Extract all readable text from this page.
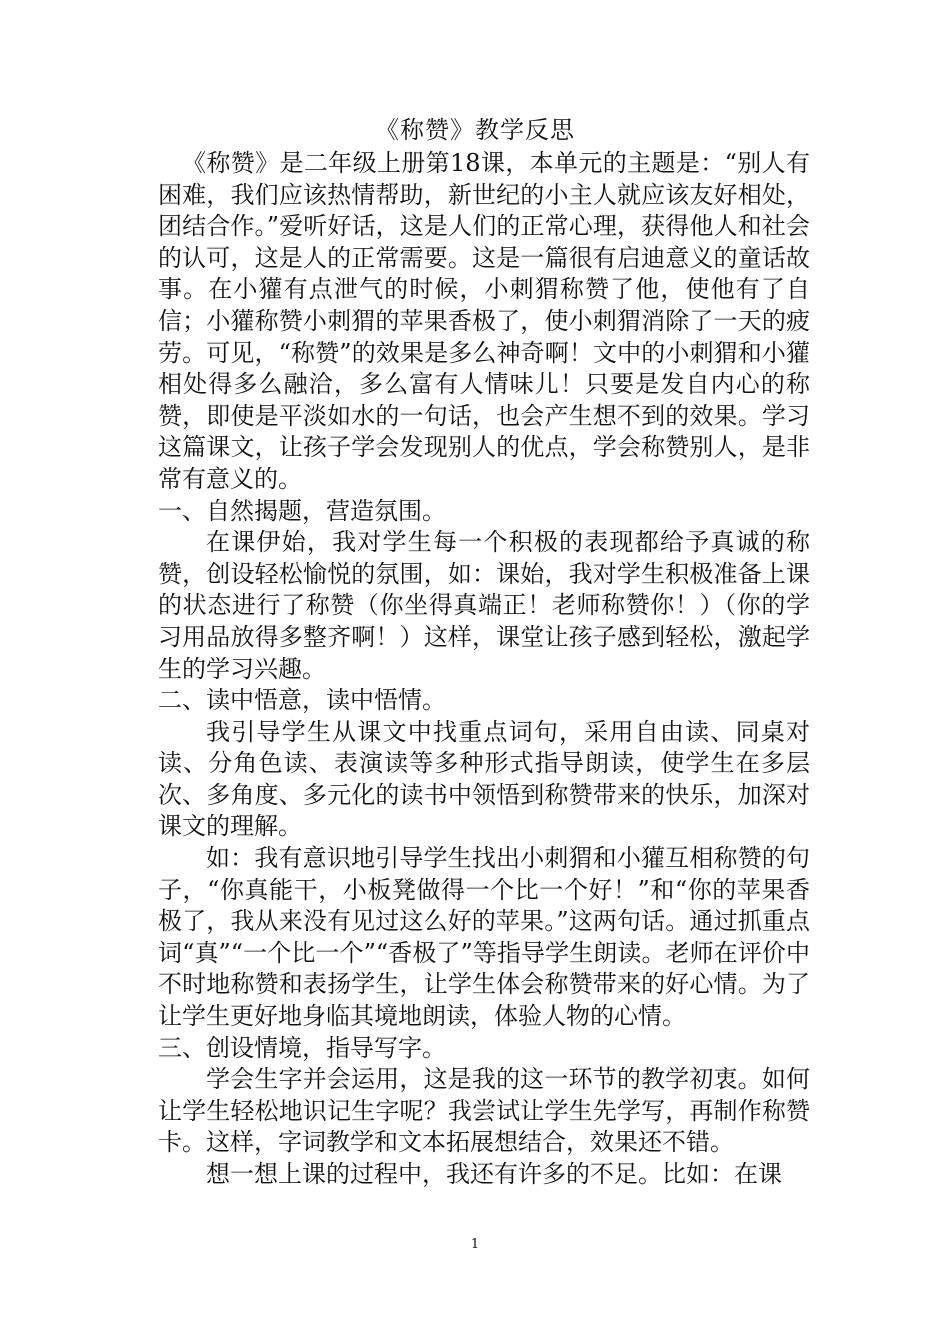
《称赞》教学反思

《称赞》是二年级上册第18课，本单元的主题是：“别人有困难，我们应该热情帮助，新世纪的小主人就应该友好相处，团结合作。”爱听好话，这是人们的正常心理，获得他人和社会的认可，这是人的正常需要。这是一篇很有启迪意义的童话故事。在小獾有点泄气的时候，小刺猬称赞了他，使他有了自信；小獾称赞小刺猬的苹果香极了，使小刺猬消除了一天的疲劳。可见，“称赞”的效果是多么神奇啊！文中的小刺猬和小獾相处得多么融洽，多么富有人情味儿！只要是发自内心的称赞，即使是平淡如水的一句话，也会产生想不到的效果。学习这篇课文，让孩子学会发现别人的优点，学会称赞别人，是非常有意义的。

一、自然揭题，营造氛围。

在课伊始，我对学生每一个积极的表现都给予真诚的称赞，创设轻松愉悦的氛围，如：课始，我对学生积极准备上课的状态进行了称赞（你坐得真端正！老师称赞你！）（你的学习用品放得多整齐啊！）这样，课堂让孩子感到轻松，激起学生的学习兴趣。

二、读中悟意，读中悟情。

我引导学生从课文中找重点词句，采用自由读、同桌对读、分角色读、表演读等多种形式指导朗读，使学生在多层次、多角度、多元化的读书中领悟到称赞带来的快乐，加深对课文的理解。

如：我有意识地引导学生找出小刺猬和小獾互相称赞的句子，“你真能干，小板凳做得一个比一个好！”和“你的苹果香极了，我从来没有见过这么好的苹果。”这两句话。通过抓重点词“真”“一个比一个”“香极了”等指导学生朗读。老师在评价中不时地称赞和表扬学生，让学生体会称赞带来的好心情。为了让学生更好地身临其境地朗读，体验人物的心情。

三、创设情境，指导写字。

学会生字并会运用，这是我的这一环节的教学初衷。如何让学生轻松地识记生字呢？我尝试让学生先学写，再制作称赞卡。这样，字词教学和文本拓展想结合，效果还不错。

想一想上课的过程中，我还有许多的不足。比如：在课

1
